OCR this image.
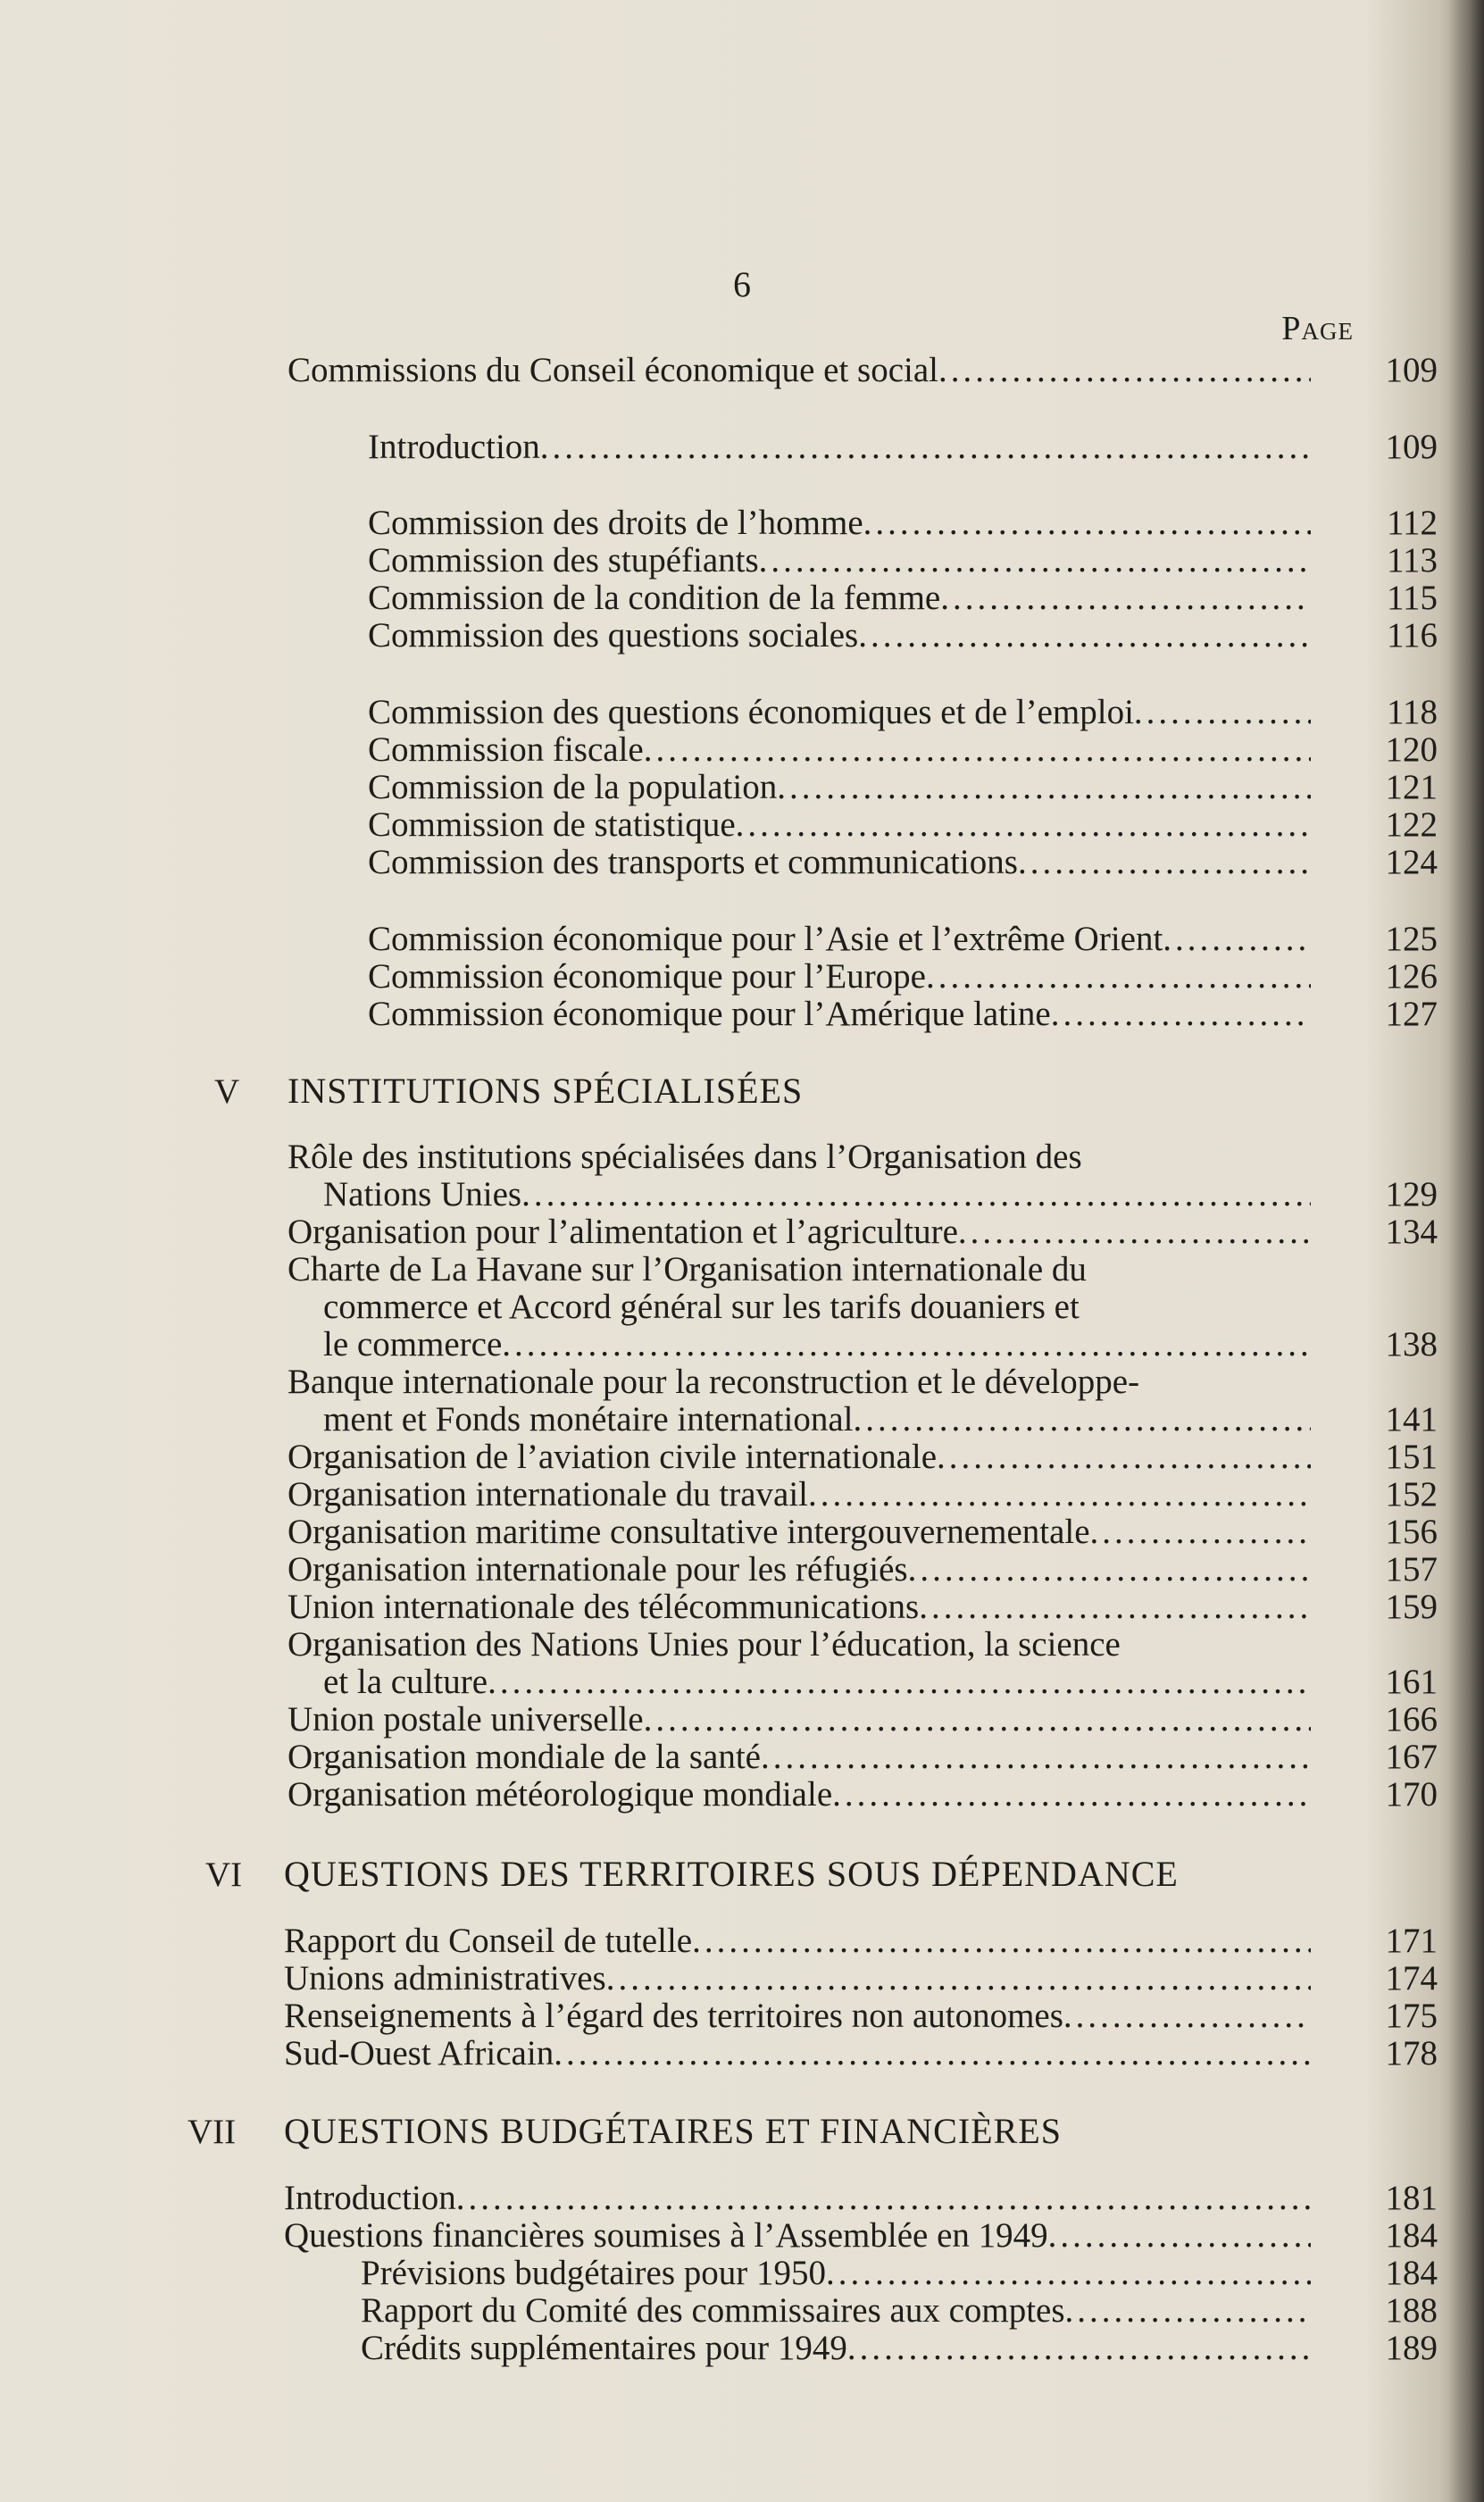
6
Page
Commissions du Conseil économique et social .....	109
Introduction .....	109
Commission des droits de l’homme .....	112
Commission des stupéfiants .....	113
Commission de la condition de la femme .....	115
Commission des questions sociales .....	116
Commission des questions économiques et de l’emploi .....	118
Commission fiscale .....	120
Commission de la population .....	121
Commission de statistique .....	122
Commission des transports et communications .....	124
Commission économique pour l’Asie et l’extrême Orient .....	125
Commission économique pour l’Europe .....	126
Commission économique pour l’Amérique latine .....	127
V INSTITUTIONS SPÉCIALISÉES
Rôle des institutions spécialisées dans l’Organisation des
Nations Unies .....	129
Organisation pour l’alimentation et l’agriculture .....	134
Charte de La Havane sur l’Organisation internationale du
commerce et Accord général sur les tarifs douaniers et
le commerce .....	138
Banque internationale pour la reconstruction et le développe-
ment et Fonds monétaire international .....	141
Organisation de l’aviation civile internationale .....	151
Organisation internationale du travail .....	152
Organisation maritime consultative intergouvernementale .....	156
Organisation internationale pour les réfugiés .....	157
Union internationale des télécommunications .....	159
Organisation des Nations Unies pour l’éducation, la science
et la culture .....	161
Union postale universelle .....	166
Organisation mondiale de la santé .....	167
Organisation météorologique mondiale .....	170
VI QUESTIONS DES TERRITOIRES SOUS DÉPENDANCE
Rapport du Conseil de tutelle .....	171
Unions administratives .....	174
Renseignements à l’égard des territoires non autonomes .....	175
Sud-Ouest Africain .....	178
VII QUESTIONS BUDGÉTAIRES ET FINANCIÈRES
Introduction .....	181
Questions financières soumises à l’Assemblée en 1949 .....	184
Prévisions budgétaires pour 1950 .....	184
Rapport du Comité des commissaires aux comptes .....	188
Crédits supplémentaires pour 1949 .....	189
